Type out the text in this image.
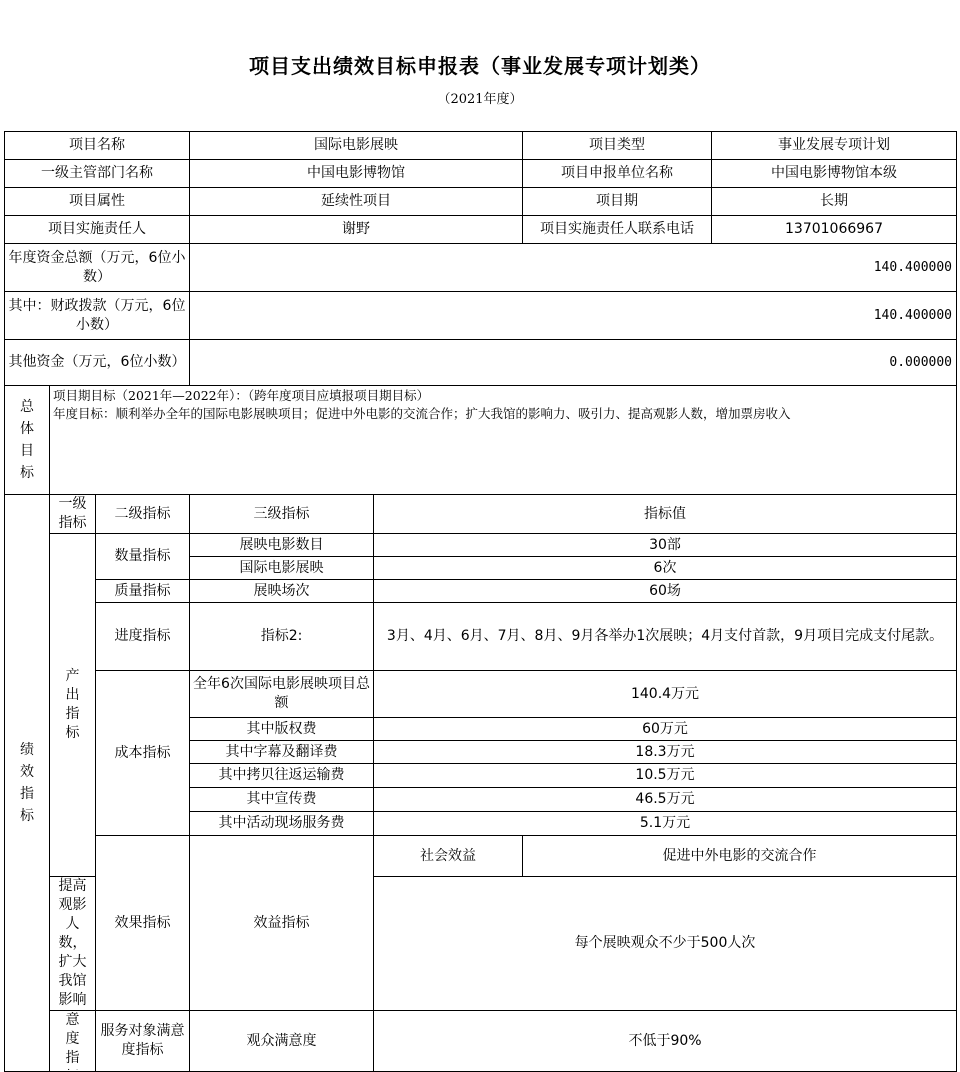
项目支出绩效目标申报表（事业发展专项计划类）
（2021年度）
项目名称			国际电影展映		项目类型	事业发展专项计划
一级主管部门名称			中国电影博物馆		项目申报单位名称	中国电影博物馆本级
项目属性			延续性项目		项目期	长期
项目实施责任人			谢野		项目实施责任人联系电话	13701066967
年度资金总额（万元，6位小数）			140.400000			
其中：财政拨款（万元，6位小数）			140.400000			
其他资金（万元，6位小数）			0.000000			
总体目标	项目期目标（2021年—2022年）：（跨年度项目应填报项目期目标）
年度目标：顺利举办全年的国际电影展映项目；促进中外电影的交流合作；扩大我馆的影响力、吸引力、提高观影人数，增加票房收入					

绩效指标	一级指标	二级指标	三级指标	指标值		
	产出指标	数量指标	展映电影数目	30部		
			国际电影展映	6次		
		质量指标	展映场次	60场		
		进度指标	指标2:	3月、4月、6月、7月、8月、9月各举办1次展映；4月支付首款，9月项目完成支付尾款。		
		成本指标	全年6次国际电影展映项目总额	140.4万元		
			其中版权费	60万元		
			其中字幕及翻译费	18.3万元		
			其中拷贝往返运输费	10.5万元		
			其中宣传费	46.5万元		
			其中活动现场服务费	5.1万元		
		效果指标	效益指标	社会效益	促进中外电影的交流合作	
	提高观影人数，扩大我馆影响			每个展映观众不少于500人次		

	意度指	服务对象满意度指标	观众满意度	不低于90%		
